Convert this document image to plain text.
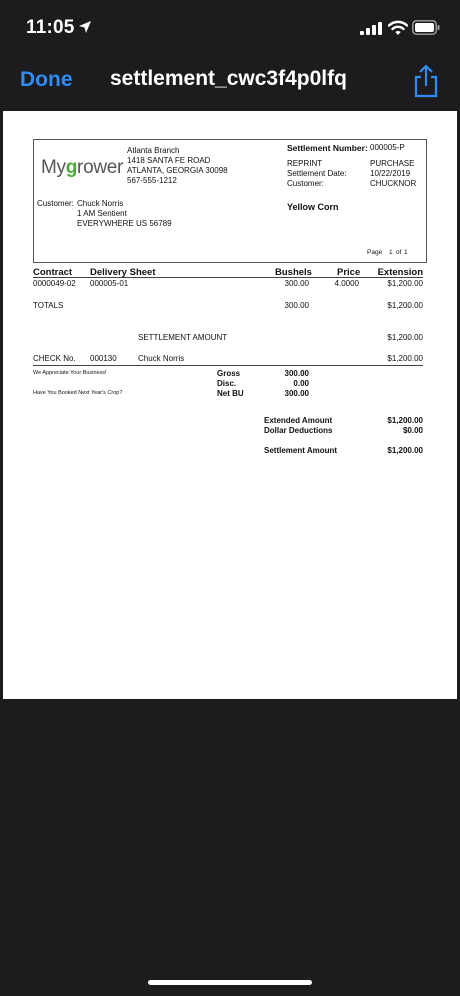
11:05
Done settlement_cwc3f4p0lfq
Mygrower
Atlanta Branch
1418 SANTA FE ROAD
ATLANTA, GEORGIA 30098
567-555-1212
Settlement Number: 000005-P
REPRINT	PURCHASE
Settlement Date:	10/22/2019
Customer:	CHUCKNOR
Customer: Chuck Norris
1 AM Sentient
EVERYWHERE US 56789
Yellow Corn
Page 1 of 1
Contract Delivery Sheet	Bushels	Price	Extension
0000049-02 000005-01	300.00	4.0000	$1,200.00
TOTALS	300.00	$1,200.00
SETTLEMENT AMOUNT	$1,200.00
CHECK No. 000130	Chuck Norris	$1,200.00
We Appreciate Your Business!
Have You Booked Next Year's Crop?
Gross	300.00
Disc.	0.00
Net BU	300.00
Extended Amount	$1,200.00
Dollar Deductions	$0.00
Settlement Amount	$1,200.00
